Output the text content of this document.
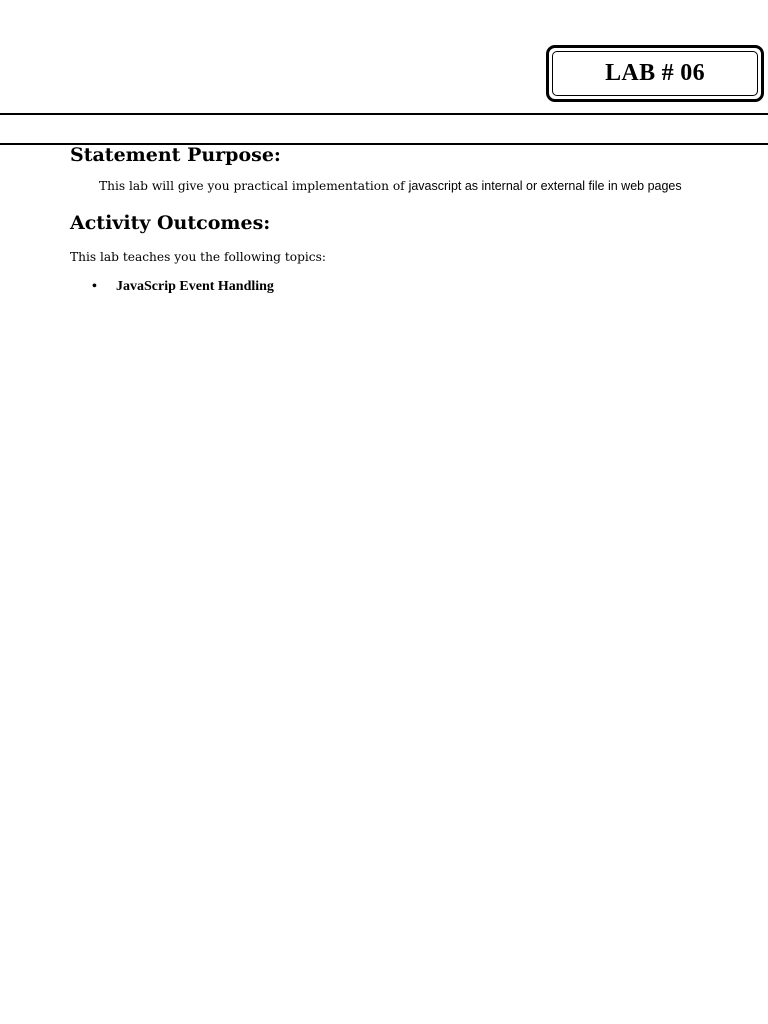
LAB # 06
Statement Purpose:
This lab will give you practical implementation of javascript as internal or external file in web pages
Activity Outcomes:
This lab teaches you the following topics:
•	JavaScrip Event Handling
